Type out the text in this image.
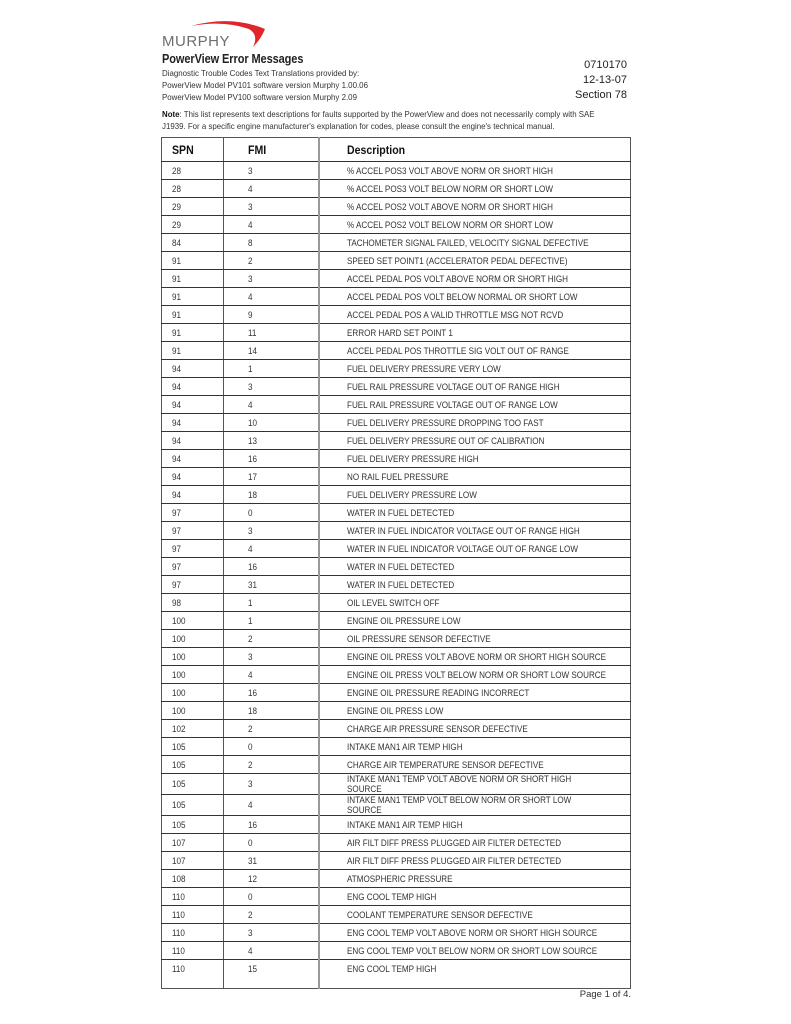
MURPHY
PowerView Error Messages
Diagnostic Trouble Codes Text Translations provided by:
PowerView Model PV101 software version Murphy 1.00.06
PowerView Model PV100 software version Murphy 2.09
0710170
12-13-07
Section 78
Note: This list represents text descriptions for faults supported by the PowerView and does not necessarily comply with SAE J1939. For a specific engine manufacturer's explanation for codes, please consult the engine's technical manual.
SPN	FMI	Description
28	3	% ACCEL POS3 VOLT ABOVE NORM OR SHORT HIGH
28	4	% ACCEL POS3 VOLT BELOW NORM OR SHORT LOW
29	3	% ACCEL POS2 VOLT ABOVE NORM OR SHORT HIGH
29	4	% ACCEL POS2 VOLT BELOW NORM OR SHORT LOW
84	8	TACHOMETER SIGNAL FAILED, VELOCITY SIGNAL DEFECTIVE
91	2	SPEED SET POINT1 (ACCELERATOR PEDAL DEFECTIVE)
91	3	ACCEL PEDAL POS VOLT ABOVE NORM OR SHORT HIGH
91	4	ACCEL PEDAL POS VOLT BELOW NORMAL OR SHORT LOW
91	9	ACCEL PEDAL POS A VALID THROTTLE MSG NOT RCVD
91	11	ERROR HARD SET POINT 1
91	14	ACCEL PEDAL POS THROTTLE SIG VOLT OUT OF RANGE
94	1	FUEL DELIVERY PRESSURE VERY LOW
94	3	FUEL RAIL PRESSURE VOLTAGE OUT OF RANGE HIGH
94	4	FUEL RAIL PRESSURE VOLTAGE OUT OF RANGE LOW
94	10	FUEL DELIVERY PRESSURE DROPPING TOO FAST
94	13	FUEL DELIVERY PRESSURE OUT OF CALIBRATION
94	16	FUEL DELIVERY PRESSURE HIGH
94	17	NO RAIL FUEL PRESSURE
94	18	FUEL DELIVERY PRESSURE LOW
97	0	WATER IN FUEL DETECTED
97	3	WATER IN FUEL INDICATOR VOLTAGE OUT OF RANGE HIGH
97	4	WATER IN FUEL INDICATOR VOLTAGE OUT OF RANGE LOW
97	16	WATER IN FUEL DETECTED
97	31	WATER IN FUEL DETECTED
98	1	OIL LEVEL SWITCH OFF
100	1	ENGINE OIL PRESSURE LOW
100	2	OIL PRESSURE SENSOR DEFECTIVE
100	3	ENGINE OIL PRESS VOLT ABOVE NORM OR SHORT HIGH SOURCE
100	4	ENGINE OIL PRESS VOLT BELOW NORM OR SHORT LOW SOURCE
100	16	ENGINE OIL PRESSURE READING INCORRECT
100	18	ENGINE OIL PRESS LOW
102	2	CHARGE AIR PRESSURE SENSOR DEFECTIVE
105	0	INTAKE MAN1 AIR TEMP HIGH
105	2	CHARGE AIR TEMPERATURE SENSOR DEFECTIVE
105	3	INTAKE MAN1 TEMP VOLT ABOVE NORM OR SHORT HIGH SOURCE
105	4	INTAKE MAN1 TEMP VOLT BELOW NORM OR SHORT LOW SOURCE
105	16	INTAKE MAN1 AIR TEMP HIGH
107	0	AIR FILT DIFF PRESS PLUGGED AIR FILTER DETECTED
107	31	AIR FILT DIFF PRESS PLUGGED AIR FILTER DETECTED
108	12	ATMOSPHERIC PRESSURE
110	0	ENG COOL TEMP HIGH
110	2	COOLANT TEMPERATURE SENSOR DEFECTIVE
110	3	ENG COOL TEMP VOLT ABOVE NORM OR SHORT HIGH SOURCE
110	4	ENG COOL TEMP VOLT BELOW NORM OR SHORT LOW SOURCE
110	15	ENG COOL TEMP HIGH
Page 1 of 4.
